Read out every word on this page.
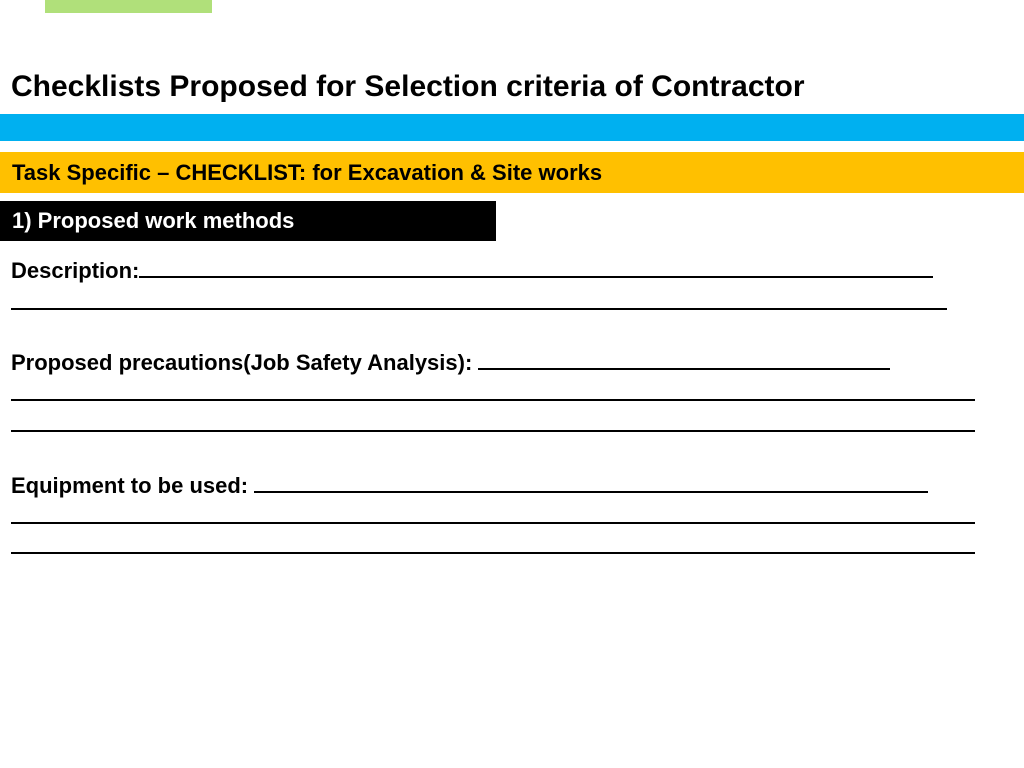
Checklists Proposed for Selection criteria of Contractor
Task Specific – CHECKLIST: for Excavation & Site works
1) Proposed work methods
Description:
Proposed precautions(Job Safety Analysis):
Equipment to be used:
